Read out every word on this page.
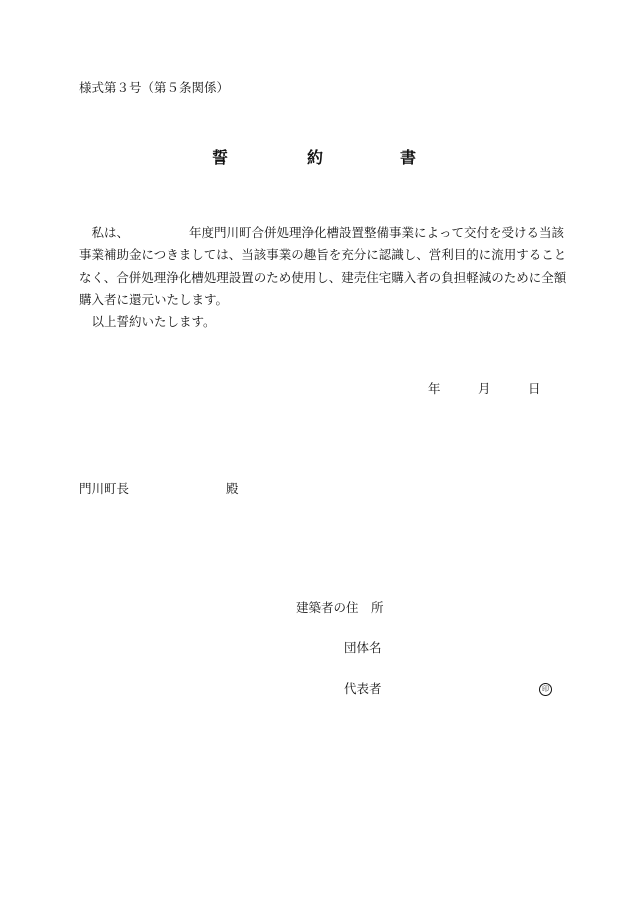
様式第３号（第５条関係）
誓	約	書
私は、	年度門川町合併処理浄化槽設置整備事業によって交付を受ける当該
事業補助金につきましては、当該事業の趣旨を充分に認識し、営利目的に流用すること
なく、合併処理浄化槽処理設置のため使用し、建売住宅購入者の負担軽減のために全額
購入者に還元いたします。
以上誓約いたします。
年	月	日
門川町長	殿
建築者の住　所
団体名
代表者	印
